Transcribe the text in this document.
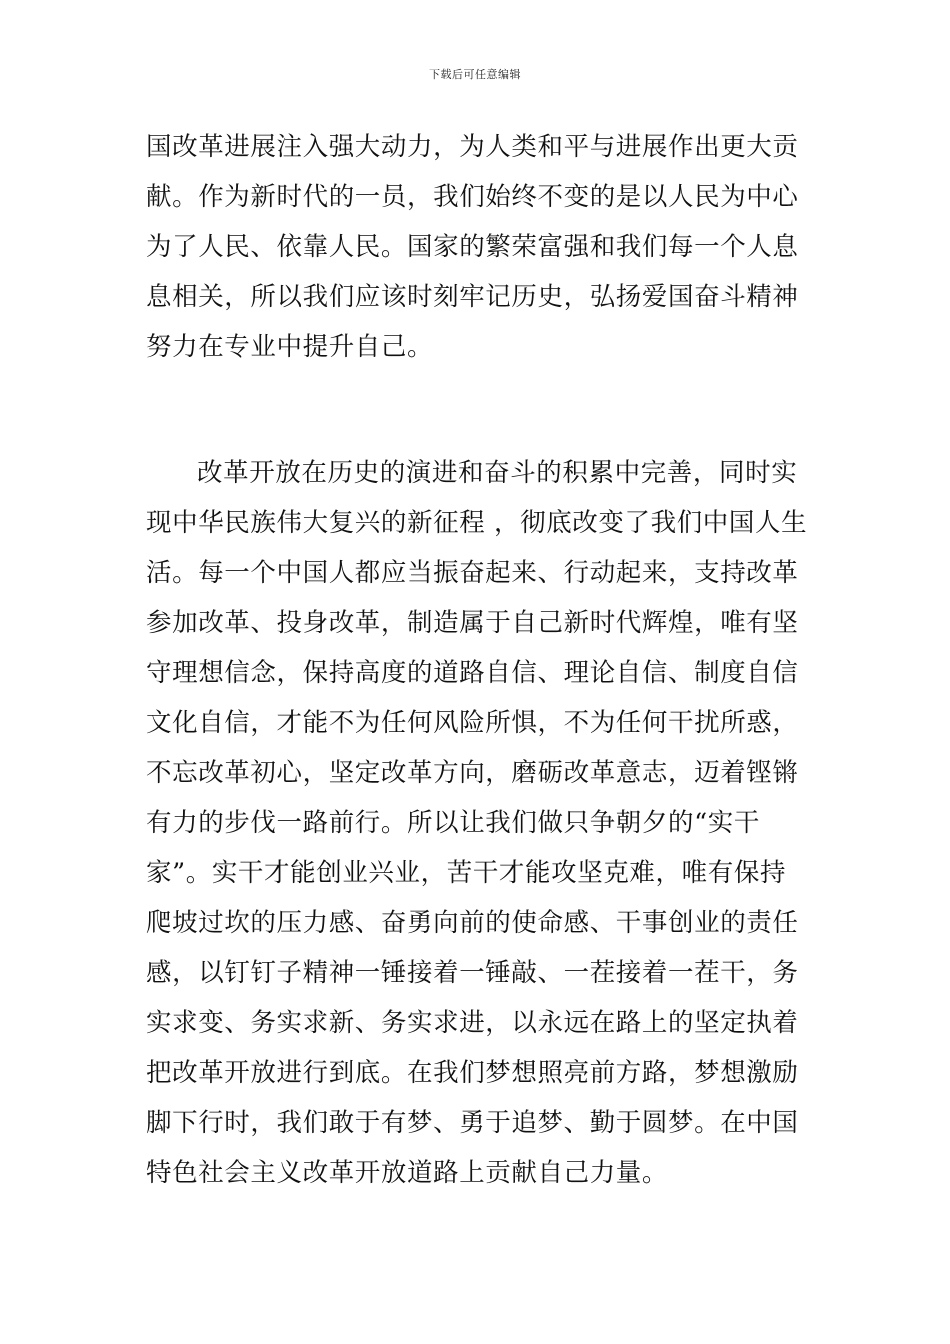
下载后可任意编辑
国改革进展注入强大动力，为人类和平与进展作出更大贡
献。作为新时代的一员，我们始终不变的是以人民为中心
为了人民、依靠人民。国家的繁荣富强和我们每一个人息
息相关，所以我们应该时刻牢记历史，弘扬爱国奋斗精神
努力在专业中提升自己。
改革开放在历史的演进和奋斗的积累中完善，同时实
现中华民族伟大复兴的新征程 ，彻底改变了我们中国人生
活。每一个中国人都应当振奋起来、行动起来，支持改革
参加改革、投身改革，制造属于自己新时代辉煌，唯有坚
守理想信念，保持高度的道路自信、理论自信、制度自信
文化自信，才能不为任何风险所惧，不为任何干扰所惑，
不忘改革初心，坚定改革方向，磨砺改革意志，迈着铿锵
有力的步伐一路前行。所以让我们做只争朝夕的“实干
家”。实干才能创业兴业，苦干才能攻坚克难，唯有保持
爬坡过坎的压力感、奋勇向前的使命感、干事创业的责任
感，以钉钉子精神一锤接着一锤敲、一茬接着一茬干，务
实求变、务实求新、务实求进，以永远在路上的坚定执着
把改革开放进行到底。在我们梦想照亮前方路，梦想激励
脚下行时，我们敢于有梦、勇于追梦、勤于圆梦。在中国
特色社会主义改革开放道路上贡献自己力量。
